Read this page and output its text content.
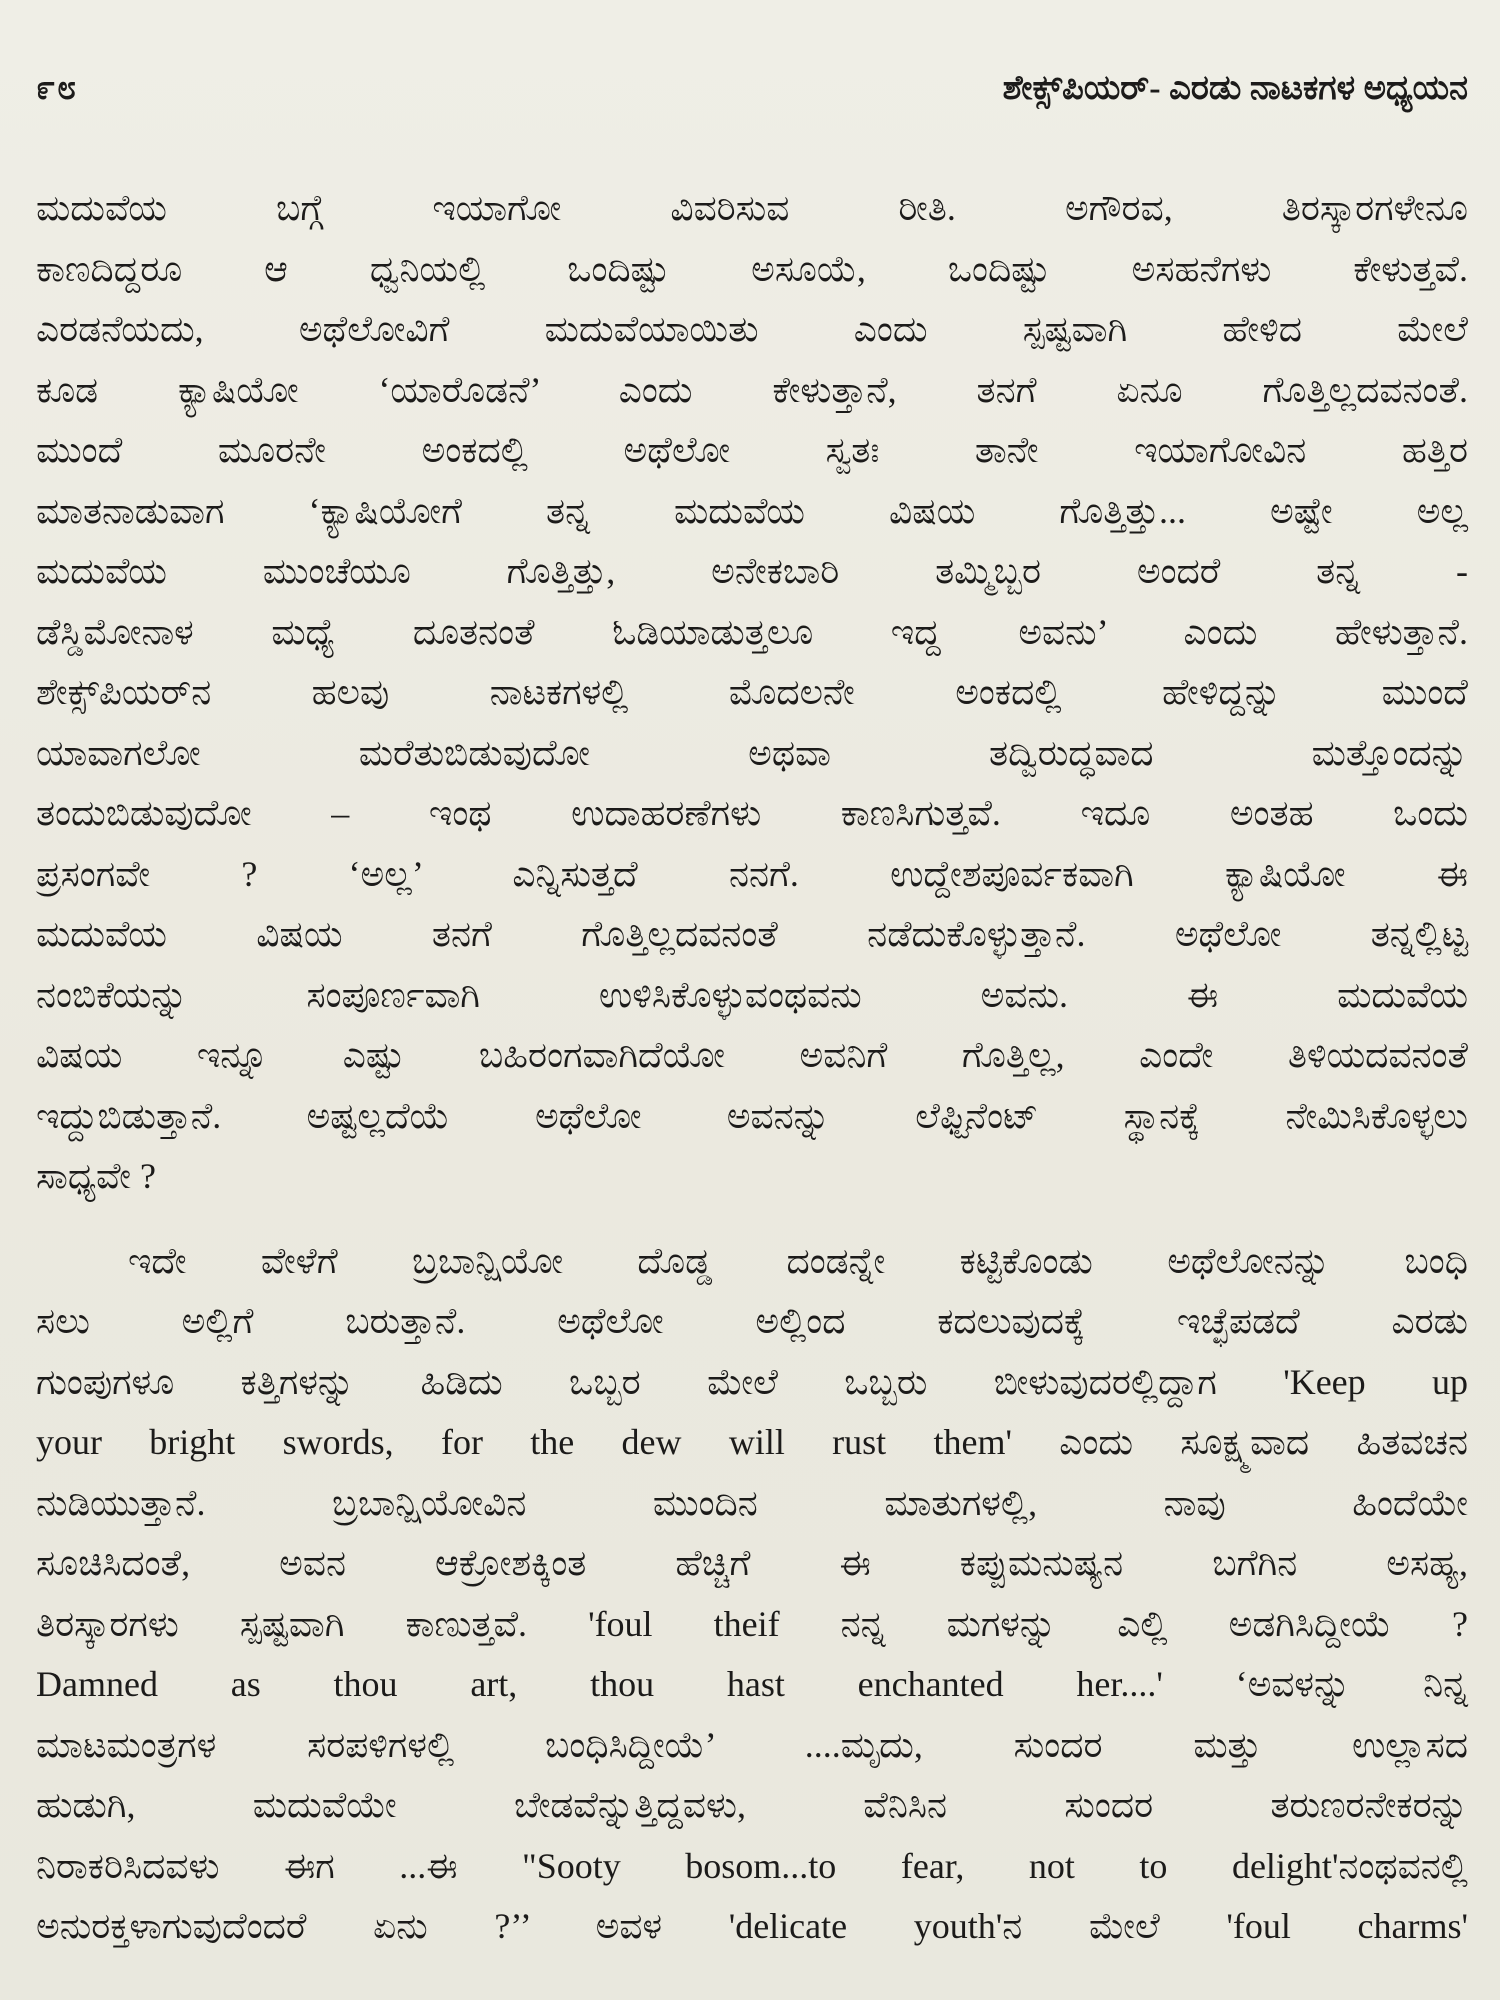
೯೮	ಶೇಕ್ಸ್‌ಪಿಯರ್- ಎರಡು ನಾಟಕಗಳ ಅಧ್ಯಯನ
ಮದುವೆಯ ಬಗ್ಗೆ ಇಯಾಗೋ ವಿವರಿಸುವ ರೀತಿ. ಅಗೌರವ, ತಿರಸ್ಕಾರಗಳೇನೂ
ಕಾಣದಿದ್ದರೂ ಆ ಧ್ವನಿಯಲ್ಲಿ ಒಂದಿಷ್ಟು ಅಸೂಯೆ, ಒಂದಿಷ್ಟು ಅಸಹನೆಗಳು ಕೇಳುತ್ತವೆ.
ಎರಡನೆಯದು, ಅಥೆಲೋವಿಗೆ ಮದುವೆಯಾಯಿತು ಎಂದು ಸ್ಪಷ್ಟವಾಗಿ ಹೇಳಿದ ಮೇಲೆ
ಕೂಡ ಕ್ಯಾಷಿಯೋ ‘ಯಾರೊಡನೆ’ ಎಂದು ಕೇಳುತ್ತಾನೆ, ತನಗೆ ಏನೂ ಗೊತ್ತಿಲ್ಲದವನಂತೆ.
ಮುಂದೆ ಮೂರನೇ ಅಂಕದಲ್ಲಿ ಅಥೆಲೋ ಸ್ವತಃ ತಾನೇ ಇಯಾಗೋವಿನ ಹತ್ತಿರ
ಮಾತನಾಡುವಾಗ ‘ಕ್ಯಾಷಿಯೋಗೆ ತನ್ನ ಮದುವೆಯ ವಿಷಯ ಗೊತ್ತಿತ್ತು... ಅಷ್ಟೇ ಅಲ್ಲ
ಮದುವೆಯ ಮುಂಚೆಯೂ ಗೊತ್ತಿತ್ತು, ಅನೇಕಬಾರಿ ತಮ್ಮಿಬ್ಬರ ಅಂದರೆ ತನ್ನ -
ಡೆಸ್ಡಿಮೋನಾಳ ಮಧ್ಯೆ ದೂತನಂತೆ ಓಡಿಯಾಡುತ್ತಲೂ ಇದ್ದ ಅವನು’ ಎಂದು ಹೇಳುತ್ತಾನೆ.
ಶೇಕ್ಸ್‌ಪಿಯರ್‌ನ ಹಲವು ನಾಟಕಗಳಲ್ಲಿ ಮೊದಲನೇ ಅಂಕದಲ್ಲಿ ಹೇಳಿದ್ದನ್ನು ಮುಂದೆ
ಯಾವಾಗಲೋ ಮರೆತುಬಿಡುವುದೋ ಅಥವಾ ತದ್ವಿರುದ್ಧವಾದ ಮತ್ತೊಂದನ್ನು
ತಂದುಬಿಡುವುದೋ – ಇಂಥ ಉದಾಹರಣೆಗಳು ಕಾಣಸಿಗುತ್ತವೆ. ಇದೂ ಅಂತಹ ಒಂದು
ಪ್ರಸಂಗವೇ ? ‘ಅಲ್ಲ’ ಎನ್ನಿಸುತ್ತದೆ ನನಗೆ. ಉದ್ದೇಶಪೂರ್ವಕವಾಗಿ ಕ್ಯಾಷಿಯೋ ಈ
ಮದುವೆಯ ವಿಷಯ ತನಗೆ ಗೊತ್ತಿಲ್ಲದವನಂತೆ ನಡೆದುಕೊಳ್ಳುತ್ತಾನೆ. ಅಥೆಲೋ ತನ್ನಲ್ಲಿಟ್ಟ
ನಂಬಿಕೆಯನ್ನು ಸಂಪೂರ್ಣವಾಗಿ ಉಳಿಸಿಕೊಳ್ಳುವಂಥವನು ಅವನು. ಈ ಮದುವೆಯ
ವಿಷಯ ಇನ್ನೂ ಎಷ್ಟು ಬಹಿರಂಗವಾಗಿದೆಯೋ ಅವನಿಗೆ ಗೊತ್ತಿಲ್ಲ, ಎಂದೇ ತಿಳಿಯದವನಂತೆ
ಇದ್ದುಬಿಡುತ್ತಾನೆ. ಅಷ್ಟಲ್ಲದೆಯೆ ಅಥೆಲೋ ಅವನನ್ನು ಲೆಫ್ಟಿನೆಂಟ್ ಸ್ಥಾನಕ್ಕೆ ನೇಮಿಸಿಕೊಳ್ಳಲು
ಸಾಧ್ಯವೇ ?
ಇದೇ ವೇಳೆಗೆ ಬ್ರಬಾನ್ಷಿಯೋ ದೊಡ್ಡ ದಂಡನ್ನೇ ಕಟ್ಟಿಕೊಂಡು ಅಥೆಲೋನನ್ನು ಬಂಧಿ
ಸಲು ಅಲ್ಲಿಗೆ ಬರುತ್ತಾನೆ. ಅಥೆಲೋ ಅಲ್ಲಿಂದ ಕದಲುವುದಕ್ಕೆ ಇಚ್ಛೆಪಡದೆ ಎರಡು
ಗುಂಪುಗಳೂ ಕತ್ತಿಗಳನ್ನು ಹಿಡಿದು ಒಬ್ಬರ ಮೇಲೆ ಒಬ್ಬರು ಬೀಳುವುದರಲ್ಲಿದ್ದಾಗ 'Keep up
your bright swords, for the dew will rust them' ಎಂದು ಸೂಕ್ಷ್ಮವಾದ ಹಿತವಚನ
ನುಡಿಯುತ್ತಾನೆ. ಬ್ರಬಾನ್ಷಿಯೋವಿನ ಮುಂದಿನ ಮಾತುಗಳಲ್ಲಿ, ನಾವು ಹಿಂದೆಯೇ
ಸೂಚಿಸಿದಂತೆ, ಅವನ ಆಕ್ರೋಶಕ್ಕಿಂತ ಹೆಚ್ಚಿಗೆ ಈ ಕಪ್ಪುಮನುಷ್ಯನ ಬಗೆಗಿನ ಅಸಹ್ಯ,
ತಿರಸ್ಕಾರಗಳು ಸ್ಪಷ್ಟವಾಗಿ ಕಾಣುತ್ತವೆ. 'foul theif ನನ್ನ ಮಗಳನ್ನು ಎಲ್ಲಿ ಅಡಗಿಸಿದ್ದೀಯೆ ?
Damned as thou art, thou hast enchanted her....' ‘ಅವಳನ್ನು ನಿನ್ನ
ಮಾಟಮಂತ್ರಗಳ ಸರಪಳಿಗಳಲ್ಲಿ ಬಂಧಿಸಿದ್ದೀಯೆ’ ....ಮೃದು, ಸುಂದರ ಮತ್ತು ಉಲ್ಲಾಸದ
ಹುಡುಗಿ, ಮದುವೆಯೇ ಬೇಡವೆನ್ನುತ್ತಿದ್ದವಳು, ವೆನಿಸಿನ ಸುಂದರ ತರುಣರನೇಕರನ್ನು
ನಿರಾಕರಿಸಿದವಳು ಈಗ ...ಈ "Sooty bosom...to fear, not to delight'ನಂಥವನಲ್ಲಿ
ಅನುರಕ್ತಳಾಗುವುದೆಂದರೆ ಏನು ?’’ ಅವಳ 'delicate youth'ನ ಮೇಲೆ 'foul charms'
